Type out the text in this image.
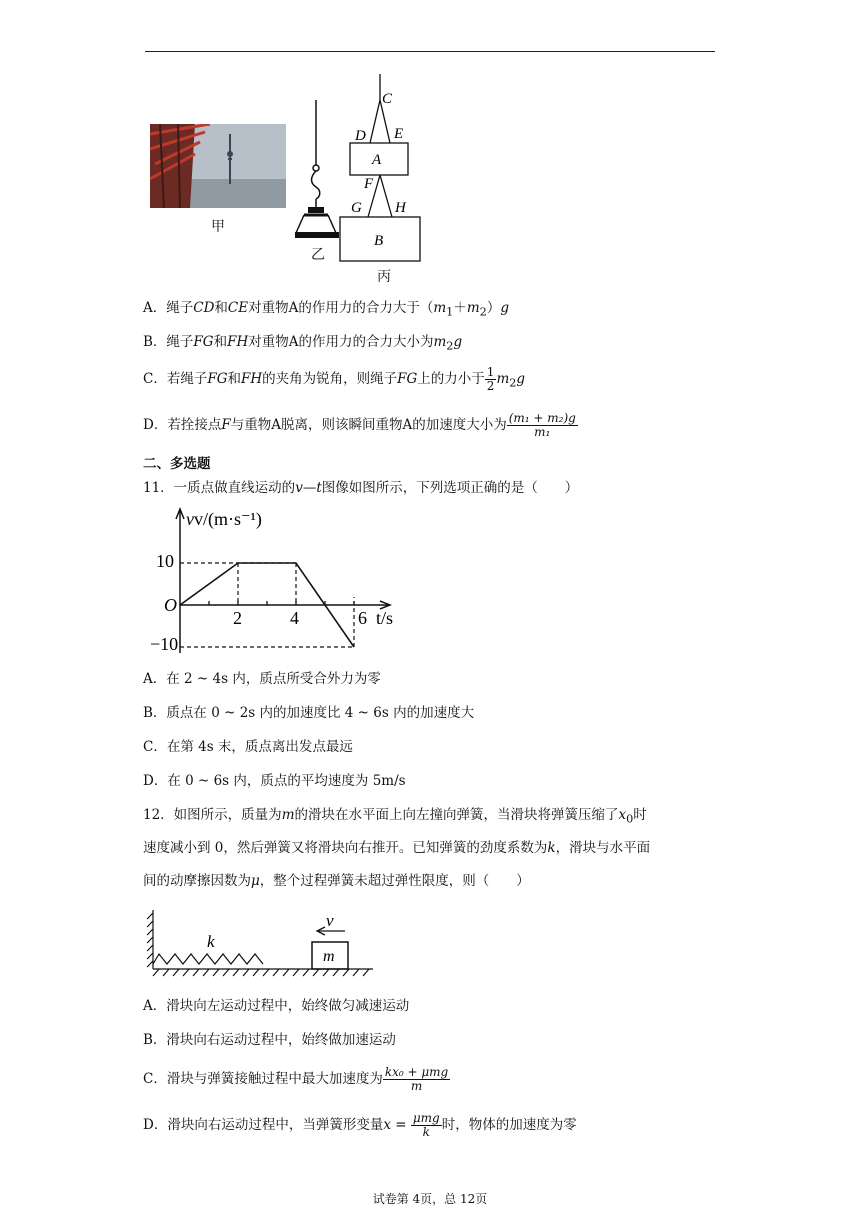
甲
乙
C
D E
A
F
G H
B
丙
A．绳子CD和CE对重物A的作用力的合力大于$(m_1+m_2)g$
B．绳子FG和FH对重物A的作用力的合力大小为$m_2g$
C．若绳子FG和FH的夹角为锐角，则绳子FG上的力小于 $\frac{1}{2} m_2g$
D．若拴接点F与重物A脱离，则该瞬间重物A的加速度大小为 $\frac{\text{(m₁ + m₂)g}}{\text{m₁}}$
二、多选题
11．一质点做直线运动的v—t图像如图所示，下列选项正确的是（　　）
vv/(m·s⁻¹)
10
−10
O
2	4	6 t/s
A．在 2 ~ 4s 内，质点所受合外力为零
B．质点在 0 ~ 2s 内的加速度比 4 ~ 6s 内的加速度大
C．在第 4s 末，质点离出发点最远
D．在 0 ~ 6s 内，质点的平均速度为 5m/s
12．如图所示，质量为m的滑块在水平面上向左撞向弹簧，当滑块将弹簧压缩了$x_0$时
速度减小到 0，然后弹簧又将滑块向右推开。已知弹簧的劲度系数为k，滑块与水平面
间的动摩擦因数为μ，整个过程弹簧未超过弹性限度，则（　　）
k
v
m
A．滑块向左运动过程中，始终做匀减速运动
B．滑块向右运动过程中，始终做加速运动
C．滑块与弹簧接触过程中最大加速度为 $\frac{\text{kx₀ + μmg}}{m}$
D．滑块向右运动过程中，当弹簧形变量$x = \frac{\text{μmg}}{k}$ 时，物体的加速度为零
试卷第 4页，总 12页
